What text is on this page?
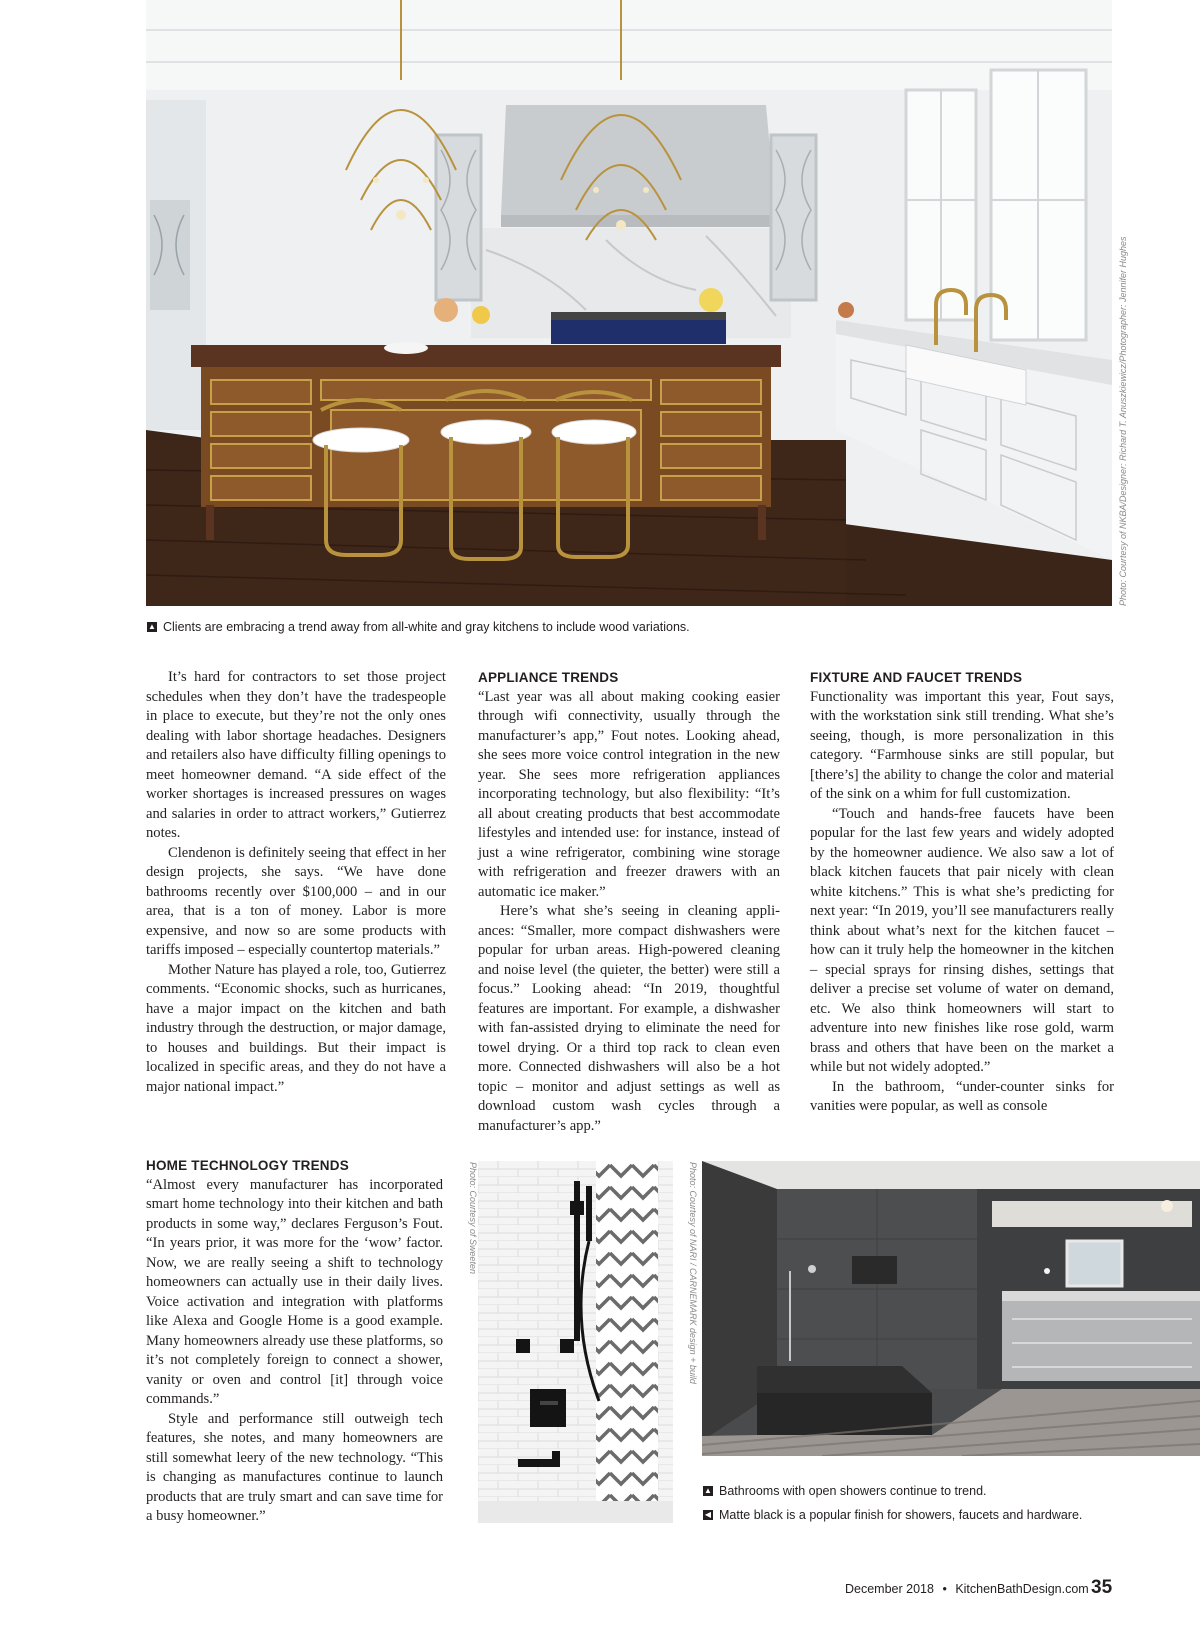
Photo: Courtesy of NKBA/Designer: Richard T. Anuszkiewicz/Photographer: Jennifer Hughes
▲ Clients are embracing a trend away from all-white and gray kitchens to include wood variations.

It’s hard for contractors to set those project schedules when they don’t have the tradespeople in place to execute, but they’re not the only ones dealing with labor shortage headaches. Designers and retailers also have difficulty filling openings to meet homeowner demand. “A side effect of the worker shortages is increased pressures on wages and salaries in order to attract workers,” Gutierrez notes.

Clendenon is definitely seeing that effect in her design projects, she says. “We have done bathrooms recently over $100,000 – and in our area, that is a ton of money. Labor is more expensive, and now so are some products with tariffs imposed – especially countertop materials.”

Mother Nature has played a role, too, Gutierrez comments. “Economic shocks, such as hurricanes, have a major impact on the kitchen and bath industry through the destruction, or major damage, to houses and buildings. But their impact is localized in specific areas, and they do not have a major national impact.”

HOME TECHNOLOGY TRENDS

“Almost every manufacturer has incorporated smart home technology into their kitchen and bath products in some way,” declares Ferguson’s Fout. “In years prior, it was more for the ‘wow’ factor. Now, we are really seeing a shift to technology homeowners can actually use in their daily lives. Voice activation and integration with platforms like Alexa and Google Home is a good example. Many homeowners already use these platforms, so it’s not completely foreign to connect a shower, vanity or oven and control [it] through voice commands.”

Style and performance still outweigh tech features, she notes, and many homeowners are still somewhat leery of the new technology. “This is changing as manufactures continue to launch products that are truly smart and can save time for a busy homeowner.”

APPLIANCE TRENDS

“Last year was all about making cooking easier through wifi connectivity, usually through the manufacturer’s app,” Fout notes. Looking ahead, she sees more voice control integration in the new year. She sees more refrigeration appliances incorporating technology, but also flexibility: “It’s all about creating products that best accommodate lifestyles and intended use: for instance, instead of just a wine refrigerator, combining wine storage with refrigeration and freezer drawers with an automatic ice maker.”

Here’s what she’s seeing in cleaning appliances: “Smaller, more compact dishwashers were popular for urban areas. High-powered cleaning and noise level (the quieter, the better) were still a focus.” Looking ahead: “In 2019, thoughtful features are important. For example, a dishwasher with fan-assisted drying to eliminate the need for towel drying. Or a third top rack to clean even more. Connected dishwashers will also be a hot topic – monitor and adjust settings as well as download custom wash cycles through a manufacturer’s app.”

FIXTURE AND FAUCET TRENDS

Functionality was important this year, Fout says, with the workstation sink still trending. What she’s seeing, though, is more personalization in this category. “Farmhouse sinks are still popular, but [there’s] the ability to change the color and material of the sink on a whim for full customization.

“Touch and hands-free faucets have been popular for the last few years and widely adopted by the homeowner audience. We also saw a lot of black kitchen faucets that pair nicely with clean white kitchens.” This is what she’s predicting for next year: “In 2019, you’ll see manufacturers really think about what’s next for the kitchen faucet – how can it truly help the homeowner in the kitchen – special sprays for rinsing dishes, settings that deliver a precise set volume of water on demand, etc. We also think homeowners will start to adventure into new finishes like rose gold, warm brass and others that have been on the market a while but not widely adopted.”

In the bathroom, “under-counter sinks for vanities were popular, as well as console

Photo: Courtesy of Sweeten	Photo: Courtesy of NARI / CARNEMARK design + build
▲ Bathrooms with open showers continue to trend.
◀ Matte black is a popular finish for showers, faucets and hardware.
December 2018 • KitchenBathDesign.com 35
